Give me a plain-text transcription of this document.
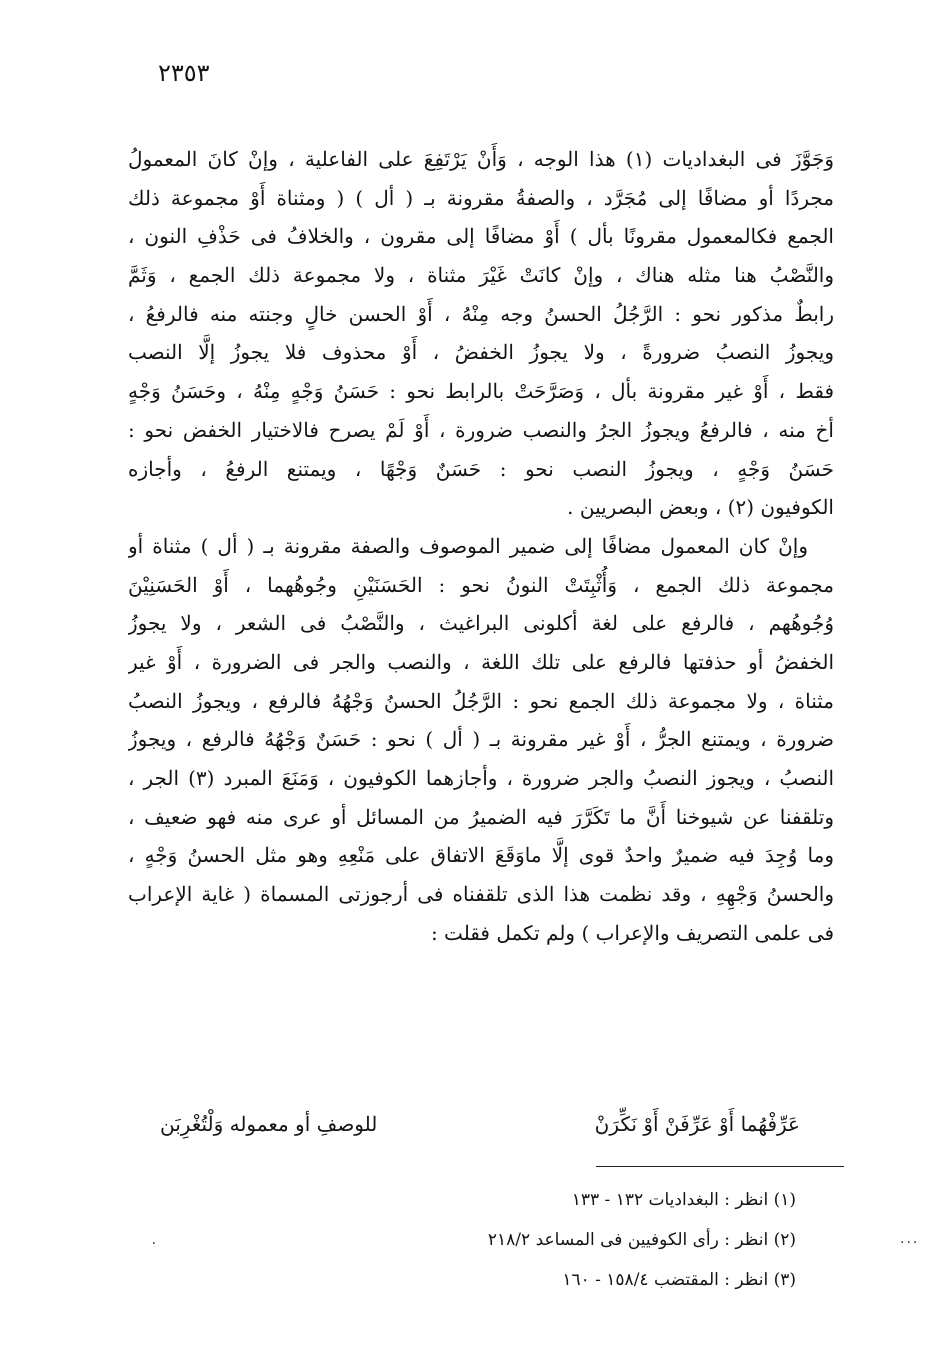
٢٣٥٣
وَجَوَّزَ فى البغداديات (١) هذا الوجه ، وَأَنْ يَرْتَفِعَ على الفاعلية ، وإنْ كانَ المعمولُ
مجردًا أو مضافًا إلى مُجَرَّد ، والصفةُ مقرونة بـ ( أل ) ( ومثناة أَوْ مجموعة ذلك
الجمع فكالمعمول مقرونًا بأل ) أَوْ مضافًا إلى مقرون ، والخلافُ فى حَذْفِ النون ،
والنَّصْبُ هنا مثله هناك ، وإنْ كانَتْ غَيْرَ مثناة ، ولا مجموعة ذلك الجمع ، وَثَمَّ
رابطٌ مذكور نحو : الرَّجُلُ الحسنُ وجه مِنْهُ ، أَوْ الحسن خالٍ وجنته منه فالرفعُ ،
ويجوزُ النصبُ ضرورةً ، ولا يجوزُ الخفضُ ، أَوْ محذوف فلا يجوزُ إلَّا النصب
فقط ، أَوْ غير مقرونة بأل ، وَصَرَّحَتْ بالرابط نحو : حَسَنُ وَجْهٍ مِنْهُ ، وحَسَنُ وَجْهٍ
أخ منه ، فالرفعُ ويجوزُ الجرُ والنصب ضرورة ، أَوْ لَمْ يصرح فالاختيار الخفض نحو :
حَسَنُ وَجْهٍ ، ويجوزُ النصب نحو : حَسَنٌ وَجْهًا ، ويمتنع الرفعُ ، وأجازه
الكوفيون (٢) ، وبعض البصريين .
وإنْ كان المعمول مضافًا إلى ضمير الموصوف والصفة مقرونة بـ ( أل ) مثناة أو
مجموعة ذلك الجمع ، وَأُثْبِتَتْ النونُ نحو : الحَسَنَيْنِ وجُوهُهما ، أَوْ الحَسَنِيْنَ
وُجُوهُهم ، فالرفع على لغة أكلونى البراغيث ، والنَّصْبُ فى الشعر ، ولا يجوزُ
الخفضُ أو حذفتها فالرفع على تلك اللغة ، والنصب والجر فى الضرورة ، أَوْ غير
مثناة ، ولا مجموعة ذلك الجمع نحو : الرَّجُلُ الحسنُ وَجْهُهُ فالرفع ، ويجوزُ النصبُ
ضرورة ، ويمتنع الجرُّ ، أَوْ غير مقرونة بـ ( أل ) نحو : حَسَنٌ وَجْهُهُ فالرفع ، ويجوزُ
النصبُ ، ويجوز النصبُ والجر ضرورة ، وأجازهما الكوفيون ، وَمَنَعَ المبرد (٣) الجر ،
وتلقفنا عن شيوخنا أَنَّ ما تَكَرَّرَ فيه الضميرُ من المسائل أو عرى منه فهو ضعيف ،
وما وُجِدَ فيه ضميرٌ واحدٌ قوى إلَّا ماوَقَعَ الاتفاق على مَنْعِهِ وهو مثل الحسنُ وَجْهٍ ،
والحسنُ وَجْهِهِ ، وقد نظمت هذا الذى تلقفناه فى أرجوزتى المسماة ( غاية الإعراب
فى علمى التصريف والإعراب ) ولم تكمل فقلت :
عَرِّفْهُما أَوْ عَرِّفَنْ أَوْ نَكِّرَنْ
للوصفِ أو معموله وَلْتُغْرِبَن
(١) انظر : البغداديات ١٣٢ - ١٣٣
(٢) انظر : رأى الكوفيين فى المساعد ٢١٨/٢
(٣) انظر : المقتضب ١٥٨/٤ - ١٦٠
٠	...
